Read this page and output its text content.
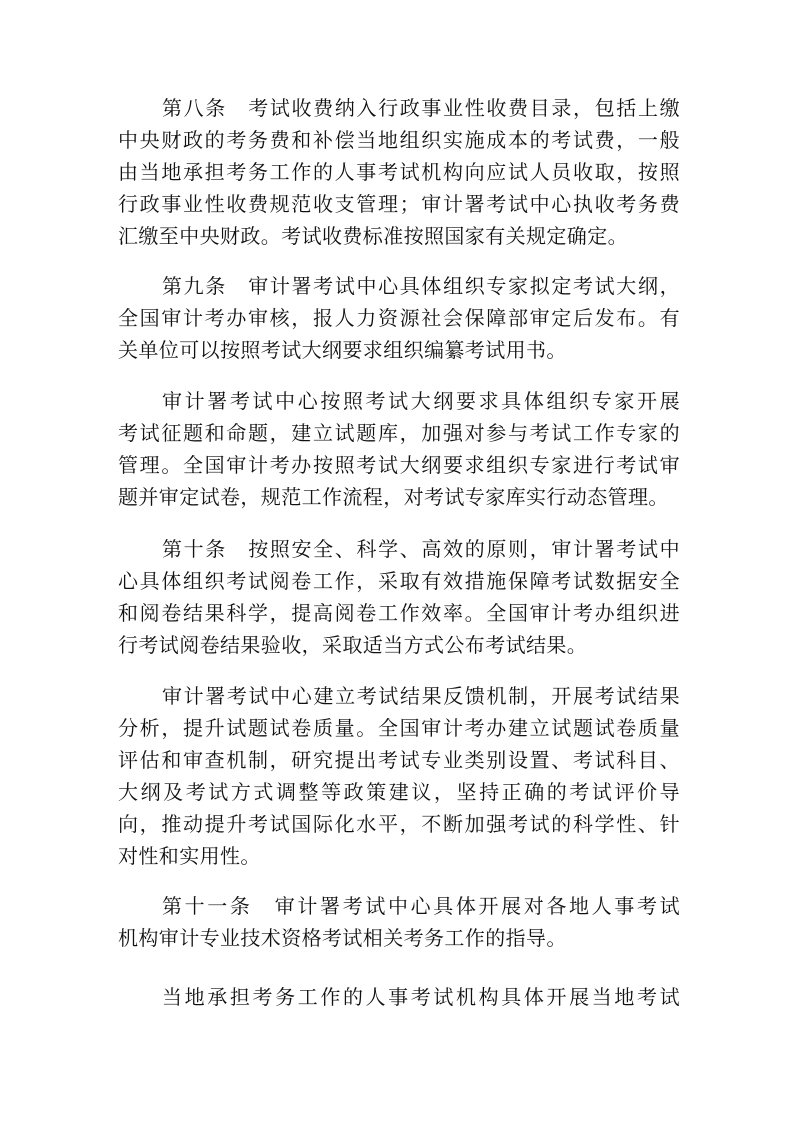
第八条 考试收费纳入行政事业性收费目录，包括上缴
中央财政的考务费和补偿当地组织实施成本的考试费，一般
由当地承担考务工作的人事考试机构向应试人员收取，按照
行政事业性收费规范收支管理；审计署考试中心执收考务费
汇缴至中央财政。考试收费标准按照国家有关规定确定。
第九条 审计署考试中心具体组织专家拟定考试大纲，
全国审计考办审核，报人力资源社会保障部审定后发布。有
关单位可以按照考试大纲要求组织编纂考试用书。
审计署考试中心按照考试大纲要求具体组织专家开展
考试征题和命题，建立试题库，加强对参与考试工作专家的
管理。全国审计考办按照考试大纲要求组织专家进行考试审
题并审定试卷，规范工作流程，对考试专家库实行动态管理。
第十条 按照安全、科学、高效的原则，审计署考试中
心具体组织考试阅卷工作，采取有效措施保障考试数据安全
和阅卷结果科学，提高阅卷工作效率。全国审计考办组织进
行考试阅卷结果验收，采取适当方式公布考试结果。
审计署考试中心建立考试结果反馈机制，开展考试结果
分析，提升试题试卷质量。全国审计考办建立试题试卷质量
评估和审查机制，研究提出考试专业类别设置、考试科目、
大纲及考试方式调整等政策建议，坚持正确的考试评价导
向，推动提升考试国际化水平，不断加强考试的科学性、针
对性和实用性。
第十一条 审计署考试中心具体开展对各地人事考试
机构审计专业技术资格考试相关考务工作的指导。
当地承担考务工作的人事考试机构具体开展当地考试
